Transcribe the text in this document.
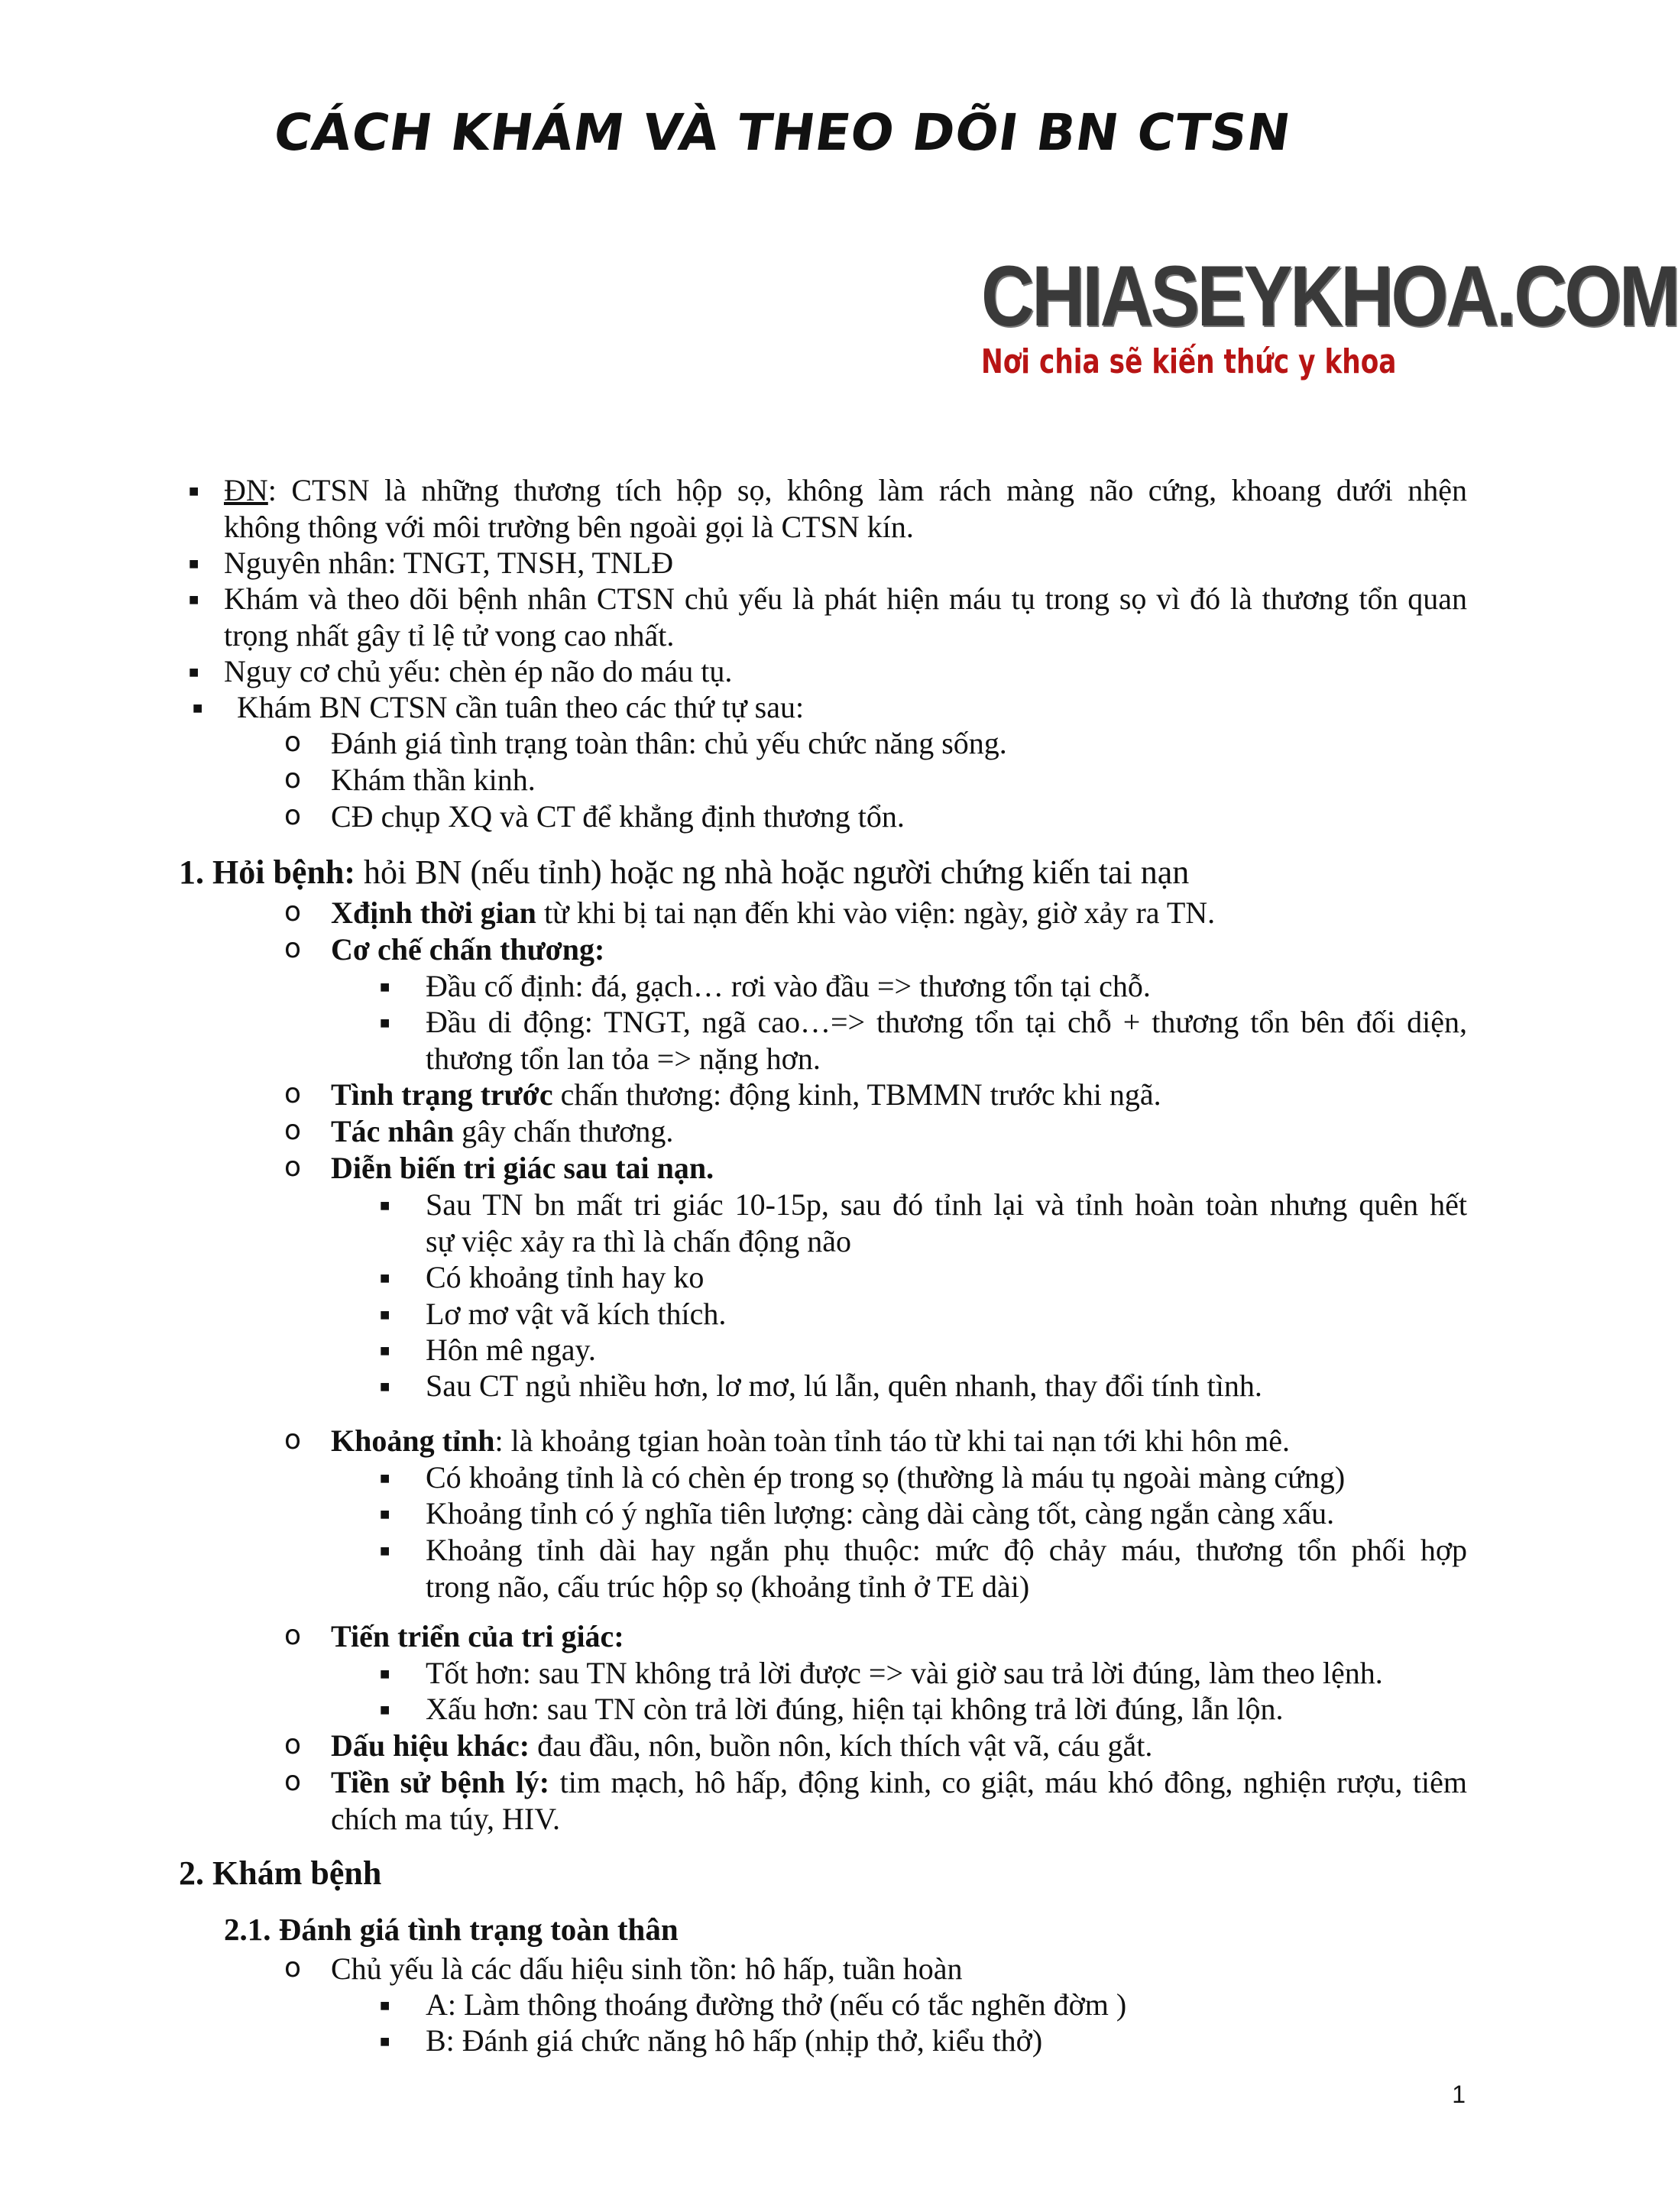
CÁCH KHÁM VÀ THEO DÕI BN CTSN
CHIASEYKHOA.COM
Nơi chia sẽ kiến thức y khoa
■ ĐN: CTSN là những thương tích hộp sọ, không làm rách màng não cứng, khoang dưới nhện
không thông với môi trường bên ngoài gọi là CTSN kín.
■ Nguyên nhân: TNGT, TNSH, TNLĐ
■ Khám và theo dõi bệnh nhân CTSN chủ yếu là phát hiện máu tụ trong sọ vì đó là thương tổn quan
trọng nhất gây tỉ lệ tử vong cao nhất.
■ Nguy cơ chủ yếu: chèn ép não do máu tụ.
■ Khám BN CTSN cần tuân theo các thứ tự sau:
o Đánh giá tình trạng toàn thân: chủ yếu chức năng sống.
o Khám thần kinh.
o CĐ chụp XQ và CT để khẳng định thương tổn.
1. Hỏi bệnh: hỏi BN (nếu tỉnh) hoặc ng nhà hoặc người chứng kiến tai nạn
o Xđịnh thời gian từ khi bị tai nạn đến khi vào viện: ngày, giờ xảy ra TN.
o Cơ chế chấn thương:
■ Đầu cố định: đá, gạch… rơi vào đầu => thương tổn tại chỗ.
■ Đầu di động: TNGT, ngã cao…=> thương tổn tại chỗ + thương tổn bên đối diện,
thương tổn lan tỏa => nặng hơn.
o Tình trạng trước chấn thương: động kinh, TBMMN trước khi ngã.
o Tác nhân gây chấn thương.
o Diễn biến tri giác sau tai nạn.
■ Sau TN bn mất tri giác 10-15p, sau đó tỉnh lại và tỉnh hoàn toàn nhưng quên hết
sự việc xảy ra thì là chấn động não
■ Có khoảng tỉnh hay ko
■ Lơ mơ vật vã kích thích.
■ Hôn mê ngay.
■ Sau CT ngủ nhiều hơn, lơ mơ, lú lẫn, quên nhanh, thay đổi tính tình.
o Khoảng tỉnh: là khoảng tgian hoàn toàn tỉnh táo từ khi tai nạn tới khi hôn mê.
■ Có khoảng tỉnh là có chèn ép trong sọ (thường là máu tụ ngoài màng cứng)
■ Khoảng tỉnh có ý nghĩa tiên lượng: càng dài càng tốt, càng ngắn càng xấu.
■ Khoảng tỉnh dài hay ngắn phụ thuộc: mức độ chảy máu, thương tổn phối hợp
trong não, cấu trúc hộp sọ (khoảng tỉnh ở TE dài)
o Tiến triển của tri giác:
■ Tốt hơn: sau TN không trả lời được => vài giờ sau trả lời đúng, làm theo lệnh.
■ Xấu hơn: sau TN còn trả lời đúng, hiện tại không trả lời đúng, lẫn lộn.
o Dấu hiệu khác: đau đầu, nôn, buồn nôn, kích thích vật vã, cáu gắt.
o Tiền sử bệnh lý: tim mạch, hô hấp, động kinh, co giật, máu khó đông, nghiện rượu, tiêm
chích ma túy, HIV.
2. Khám bệnh
2.1. Đánh giá tình trạng toàn thân
o Chủ yếu là các dấu hiệu sinh tồn: hô hấp, tuần hoàn
■ A: Làm thông thoáng đường thở (nếu có tắc nghẽn đờm )
■ B: Đánh giá chức năng hô hấp (nhịp thở, kiểu thở)
1
